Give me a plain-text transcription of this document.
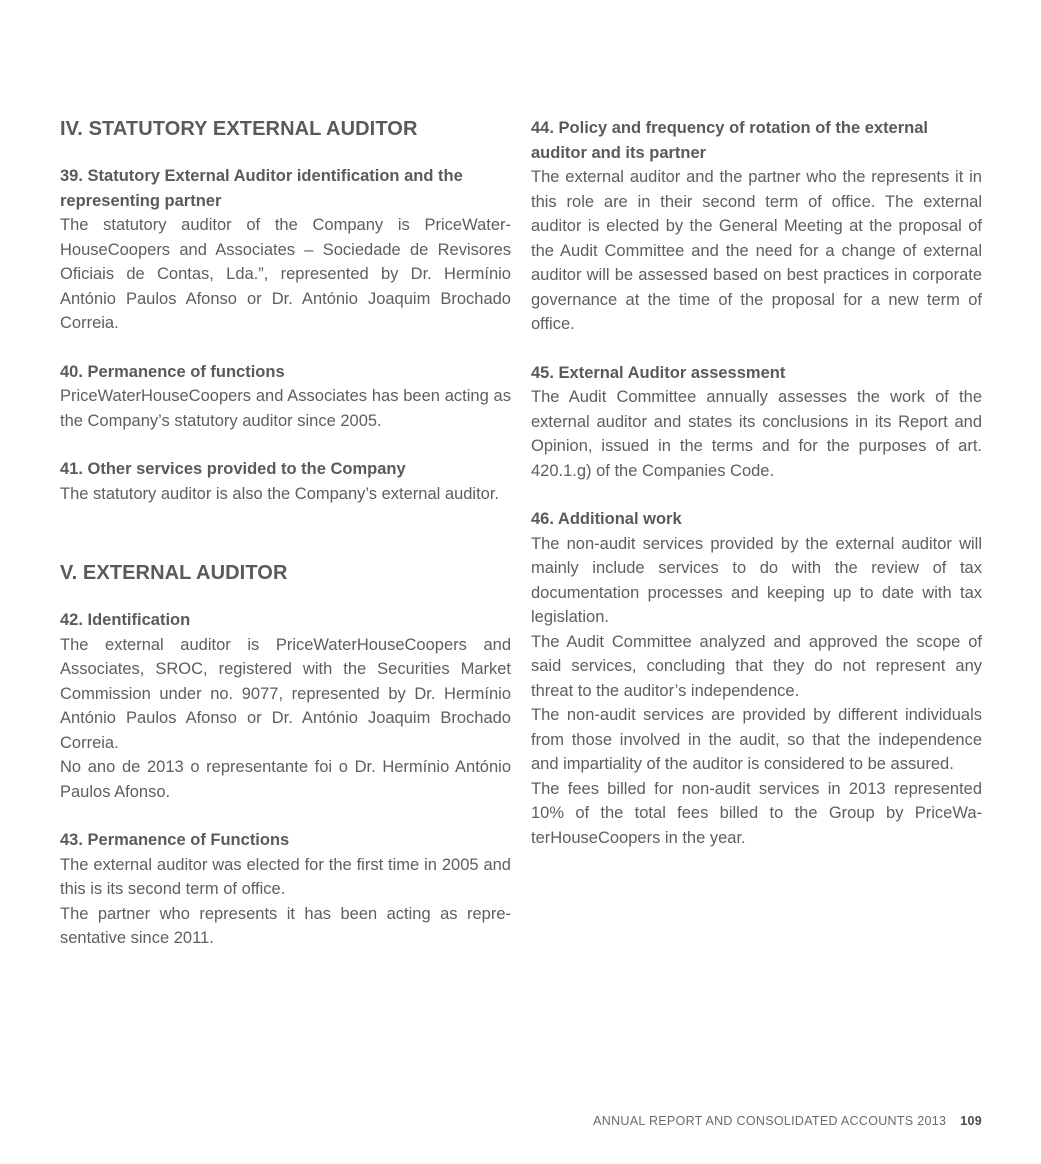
IV. STATUTORY EXTERNAL AUDITOR
39. Statutory External Auditor identification and the representing partner

The statutory auditor of the Company is PriceWaterHouseCoopers and Associates – Sociedade de Revisores Oficiais de Contas, Lda.”, represented by Dr. Hermínio António Paulos Afonso or Dr. António Joaquim Brochado Correia.

40. Permanence of functions

PriceWaterHouseCoopers and Associates has been acting as the Company’s statutory auditor since 2005.

41. Other services provided to the Company

The statutory auditor is also the Company’s external auditor.

V. EXTERNAL AUDITOR
42. Identification

The external auditor is PriceWaterHouseCoopers and Associates, SROC, registered with the Securities Market Commission under no. 9077, represented by Dr. Hermínio António Paulos Afonso or Dr. António Joaquim Brochado Correia.

No ano de 2013 o representante foi o Dr. Hermínio António Paulos Afonso.

43. Permanence of Functions

The external auditor was elected for the first time in 2005 and this is its second term of office.

The partner who represents it has been acting as representative since 2011.

44. Policy and frequency of rotation of the external auditor and its partner

The external auditor and the partner who the represents it in this role are in their second term of office. The external auditor is elected by the General Meeting at the proposal of the Audit Committee and the need for a change of external auditor will be assessed based on best practices in corporate governance at the time of the proposal for a new term of office.

45. External Auditor assessment

The Audit Committee annually assesses the work of the external auditor and states its conclusions in its Report and Opinion, issued in the terms and for the purposes of art. 420.1.g) of the Companies Code.

46. Additional work

The non-audit services provided by the external auditor will mainly include services to do with the review of tax documentation processes and keeping up to date with tax legislation.

The Audit Committee analyzed and approved the scope of said services, concluding that they do not represent any threat to the auditor’s independence.

The non-audit services are provided by different individuals from those involved in the audit, so that the independence and impartiality of the auditor is considered to be assured.

The fees billed for non-audit services in 2013 represented 10% of the total fees billed to the Group by PriceWaterHouseCoopers in the year.

ANNUAL REPORT AND CONSOLIDATED ACCOUNTS 2013 109
